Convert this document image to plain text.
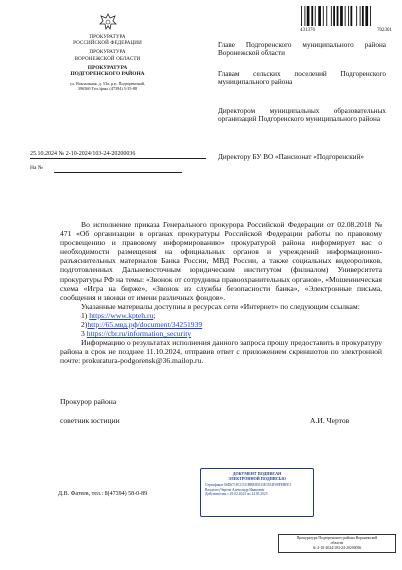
431376	702301
ПРОКУРАТУРА
РОССИЙСКОЙ ФЕДЕРАЦИИ
ПРОКУРАТУРА
ВОРОНЕЖСКОЙ ОБЛАСТИ
ПРОКУРАТУРА
ПОДГОРЕНСКОГО РАЙОНА
ул. Вокзальная, д. 53а, р.п. Подгоренский,
396560 Тел./факс (47394) 5-35-88
25.10.2024 № 2-10-2024/103-24-20200036
На №
Главе Подгоренского муниципального района Воронежской области
Главам сельских поселений Подгоренского муниципального района
Директором муниципальных образовательных организаций Подгоренского муниципального района
Директору БУ ВО «Пансионат «Подгоренский»

Во исполнение приказа Генерального прокурора Российской Федерации от 02.08.2018 № 471 «Об организации в органах прокуратуры Российской Федерации работы по правовому просвещению и правовому информированию» прокуратурой района информирует вас о необходимости размещения на официальных органов и учреждений информационно-разъяснительных материалов Банка России, МВД России, а также социальных видеороликов, подготовленных Дальневосточным юридическим институтом (филиалом) Университета прокуратуры РФ на темы: «Звонок от сотрудника правоохранительных органов», «Мошенническая схема «Игра на бирже», «Звонок из службы безопасности банка», «Электронные письма, сообщения и звонки от имени различных фондов».

Указанные материалы доступны в ресурсах сети «Интернет» по следующим ссылкам:

1) https://www.kpteh.ru;
2)http://65.мвд.рф/document/34251939
3 https://cbr.ru/information_security

Информацию о результатах исполнения данного запроса прошу предоставить в прокуратуру района в срок не позднее 11.10.2024, отправив ответ с приложением скриншотов по электронной почте: prokuratura-podgorensk@36.mailop.ru.

Прокурор района
советник юстиции	А.И. Чертов
ДОКУМЕНТ ПОДПИСАН
ЭЛЕКТРОННОЙ ПОДПИСЬЮ
Сертификат 06D6718CC531BB85E033E3554F08FEBFE1
Владелец Чертов Александр Иванович
Действителен с 29.02.2024 по 24.05.2025
Д.В. Фатеев, тел.: 8(47394) 58-0-89
Прокуратура Подгоренского района Воронежской
области
№ 2-10-2024/103-24-20200036
